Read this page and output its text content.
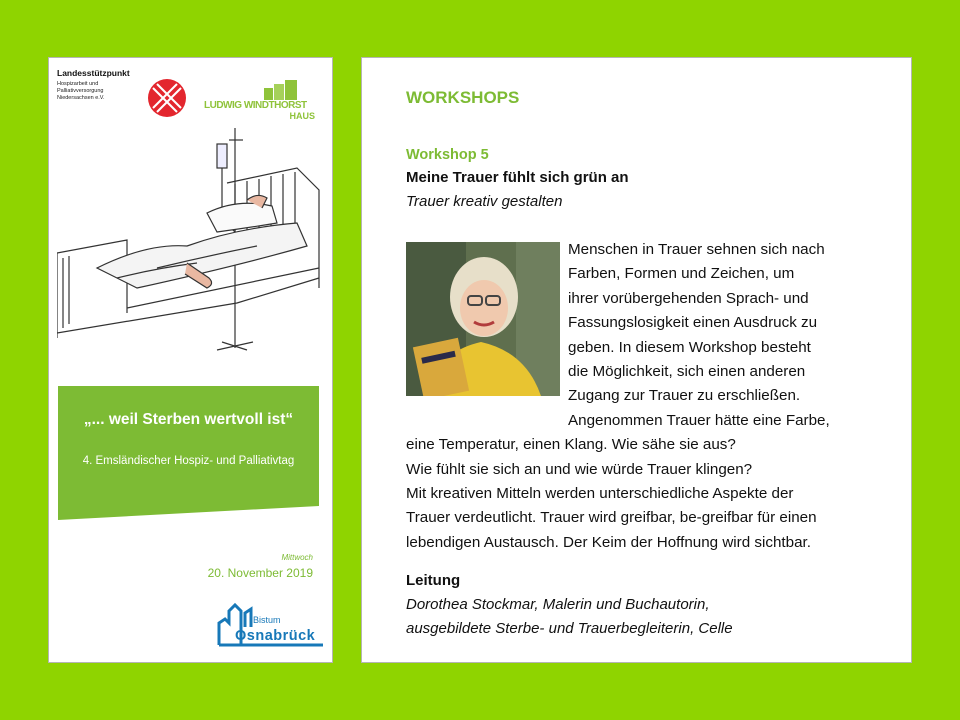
Landesstützpunkt
Hospizarbeit und
Palliativversorgung
Niedersachsen e.V.
LUDWIG WINDTHORST
HAUS
„... weil Sterben wertvoll ist“
4. Emsländischer Hospiz- und Palliativtag
Mittwoch
20. November 2019
Bistum
Osnabrück
WORKSHOPS
Workshop 5
Meine Trauer fühlt sich grün an
Trauer kreativ gestalten
Menschen in Trauer sehnen sich nach
Farben, Formen und Zeichen, um
ihrer vorübergehenden Sprach- und
Fassungslosigkeit einen Ausdruck zu
geben. In diesem Workshop besteht
die Möglichkeit, sich einen anderen
Zugang zur Trauer zu erschließen.
Angenommen Trauer hätte eine Farbe,
eine Temperatur, einen Klang. Wie sähe sie aus?
Wie fühlt sie sich an und wie würde Trauer klingen?
Mit kreativen Mitteln werden unterschiedliche Aspekte der
Trauer verdeutlicht. Trauer wird greifbar, be-greifbar für einen
lebendigen Austausch. Der Keim der Hoffnung wird sichtbar.
Leitung
Dorothea Stockmar, Malerin und Buchautorin,
ausgebildete Sterbe- und Trauerbegleiterin, Celle
